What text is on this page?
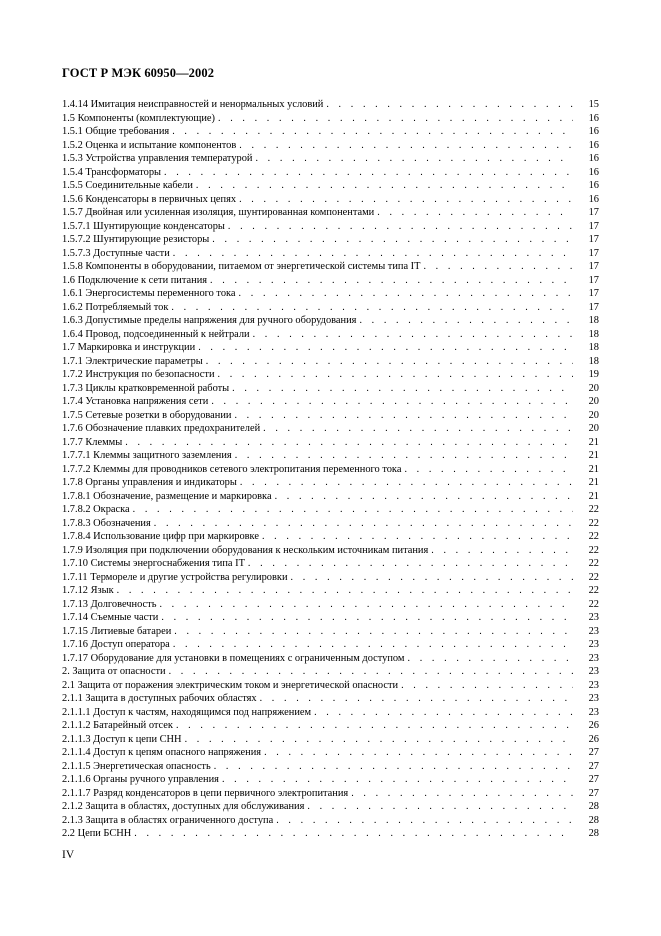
ГОСТ Р МЭК 60950—2002
1.4.14 Имитация неисправностей и ненормальных условий . . .	15
1.5 Компоненты (комплектующие) . . .	16
1.5.1 Общие требования . . .	16
1.5.2 Оценка и испытание компонентов . . .	16
1.5.3 Устройства управления температурой . . .	16
1.5.4 Трансформаторы . . .	16
1.5.5 Соединительные кабели . . .	16
1.5.6 Конденсаторы в первичных цепях . . .	16
1.5.7 Двойная или усиленная изоляция, шунтированная компонентами . . .	17
1.5.7.1 Шунтирующие конденсаторы . . .	17
1.5.7.2 Шунтирующие резисторы . . .	17
1.5.7.3 Доступные части . . .	17
1.5.8 Компоненты в оборудовании, питаемом от энергетической системы типа IT . . .	17
1.6 Подключение к сети питания . . .	17
1.6.1 Энергосистемы переменного тока . . .	17
1.6.2 Потребляемый ток . . .	17
1.6.3 Допустимые пределы напряжения для ручного оборудования . . .	18
1.6.4 Провод, подсоединенный к нейтрали . . .	18
1.7 Маркировка и инструкции . . .	18
1.7.1 Электрические параметры . . .	18
1.7.2 Инструкция по безопасности . . .	19
1.7.3 Циклы кратковременной работы . . .	20
1.7.4 Установка напряжения сети . . .	20
1.7.5 Сетевые розетки в оборудовании . . .	20
1.7.6 Обозначение плавких предохранителей . . .	20
1.7.7 Клеммы . . .	21
1.7.7.1 Клеммы защитного заземления . . .	21
1.7.7.2 Клеммы для проводников сетевого электропитания переменного тока . . .	21
1.7.8 Органы управления и индикаторы . . .	21
1.7.8.1 Обозначение, размещение и маркировка . . .	21
1.7.8.2 Окраска . . .	22
1.7.8.3 Обозначения . . .	22
1.7.8.4 Использование цифр при маркировке . . .	22
1.7.9 Изоляция при подключении оборудования к нескольким источникам питания . . .	22
1.7.10 Системы энергоснабжения типа IT . . .	22
1.7.11 Термореле и другие устройства регулировки . . .	22
1.7.12 Язык . . .	22
1.7.13 Долговечность . . .	22
1.7.14 Съемные части . . .	23
1.7.15 Литиевые батареи . . .	23
1.7.16 Доступ оператора . . .	23
1.7.17 Оборудование для установки в помещениях с ограниченным доступом . . .	23
2. Защита от опасности . . .	23
2.1 Защита от поражения электрическим током и энергетической опасности . . .	23
2.1.1 Защита в доступных рабочих областях . . .	23
2.1.1.1 Доступ к частям, находящимся под напряжением . . .	23
2.1.1.2 Батарейный отсек . . .	26
2.1.1.3 Доступ к цепи СНН . . .	26
2.1.1.4 Доступ к цепям опасного напряжения . . .	27
2.1.1.5 Энергетическая опасность . . .	27
2.1.1.6 Органы ручного управления . . .	27
2.1.1.7 Разряд конденсаторов в цепи первичного электропитания . . .	27
2.1.2 Защита в областях, доступных для обслуживания . . .	28
2.1.3 Защита в областях ограниченного доступа . . .	28
2.2 Цепи БСНН . . .	28
IV
